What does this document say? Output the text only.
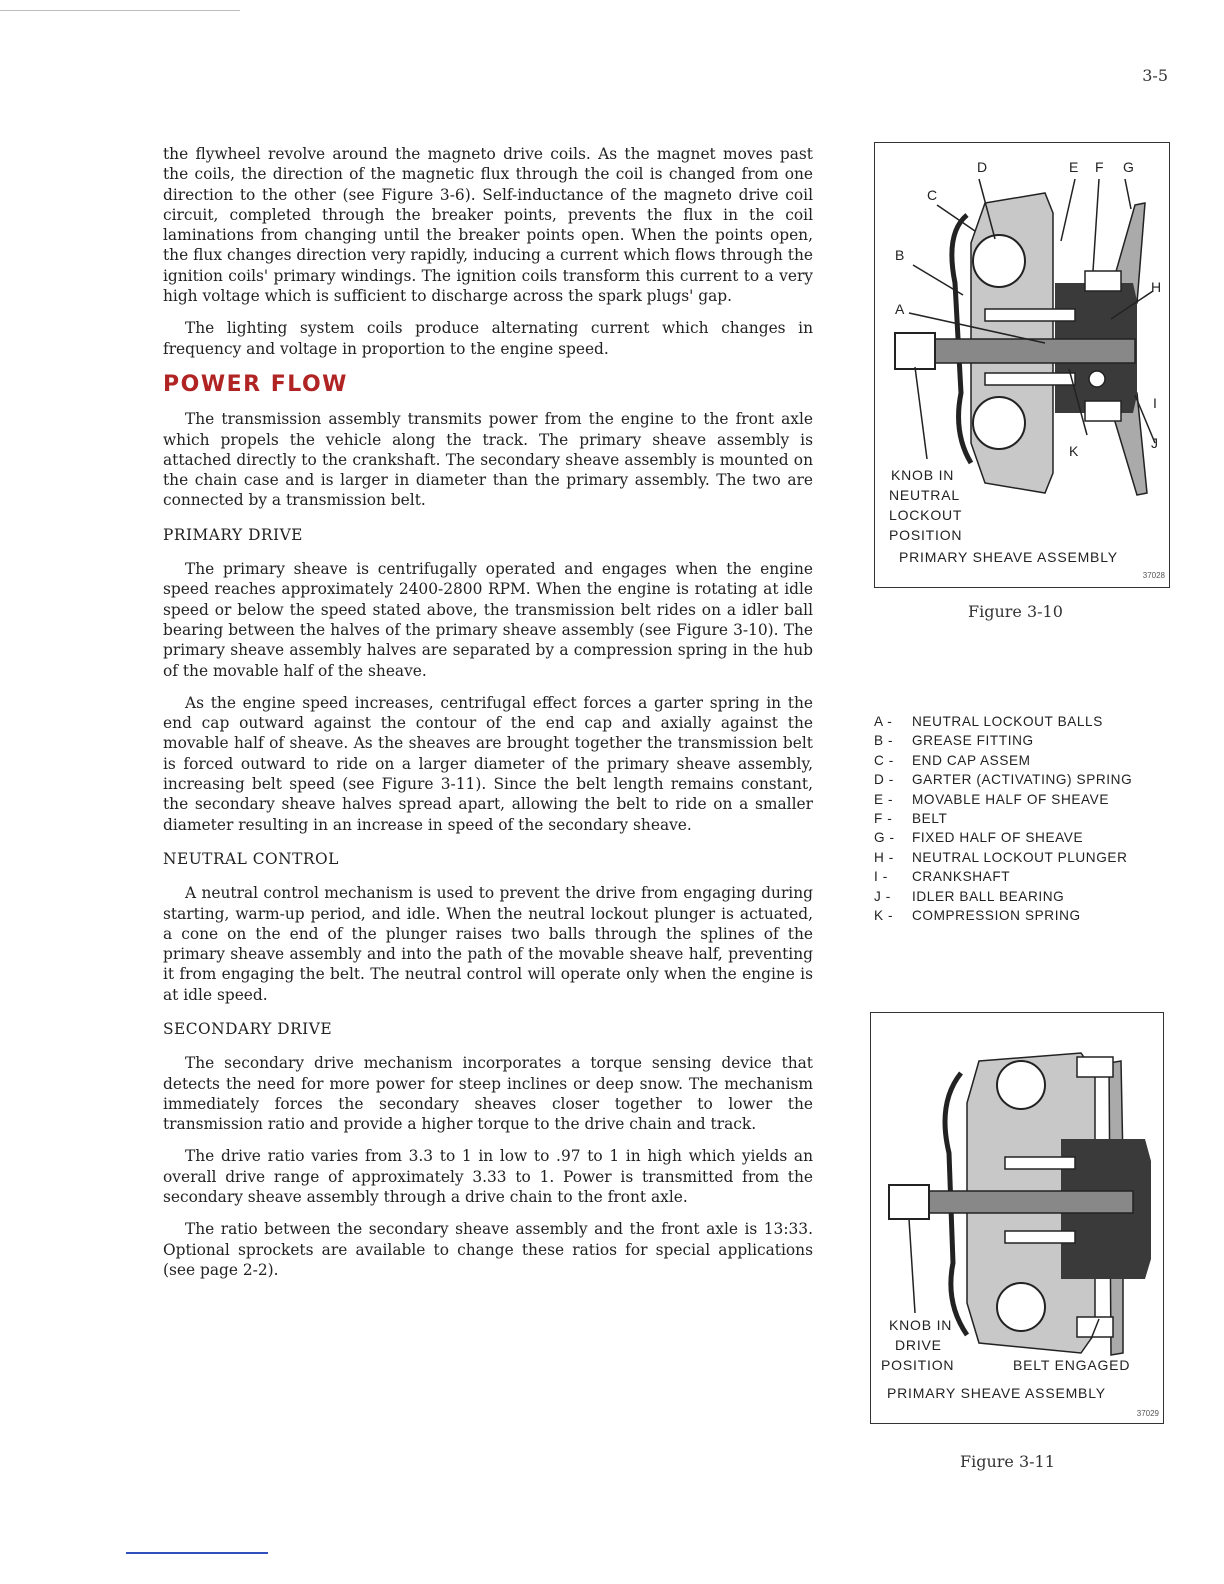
3-5

the flywheel revolve around the magneto drive coils. As the magnet moves past the coils, the direction of the magnetic flux through the coil is changed from one direction to the other (see Figure 3-6). Self-inductance of the magneto drive coil circuit, completed through the breaker points, prevents the flux in the coil laminations from changing until the breaker points open. When the points open, the flux changes direction very rapidly, inducing a current which flows through the ignition coils' primary windings. The ignition coils transform this current to a very high voltage which is sufficient to discharge across the spark plugs' gap.

The lighting system coils produce alternating current which changes in frequency and voltage in proportion to the engine speed.

POWER FLOW

The transmission assembly transmits power from the engine to the front axle which propels the vehicle along the track. The primary sheave assembly is attached directly to the crankshaft. The secondary sheave assembly is mounted on the chain case and is larger in diameter than the primary assembly. The two are connected by a transmission belt.

PRIMARY DRIVE

The primary sheave is centrifugally operated and engages when the engine speed reaches approximately 2400-2800 RPM. When the engine is rotating at idle speed or below the speed stated above, the transmission belt rides on a idler ball bearing between the halves of the primary sheave assembly (see Figure 3-10). The primary sheave assembly halves are separated by a compression spring in the hub of the movable half of the sheave.

As the engine speed increases, centrifugal effect forces a garter spring in the end cap outward against the contour of the end cap and axially against the movable half of sheave. As the sheaves are brought together the transmission belt is forced outward to ride on a larger diameter of the primary sheave assembly, increasing belt speed (see Figure 3-11). Since the belt length remains constant, the secondary sheave halves spread apart, allowing the belt to ride on a smaller diameter resulting in an increase in speed of the secondary sheave.

NEUTRAL CONTROL

A neutral control mechanism is used to prevent the drive from engaging during starting, warm-up period, and idle. When the neutral lockout plunger is actuated, a cone on the end of the plunger raises two balls through the splines of the primary sheave assembly and into the path of the movable sheave half, preventing it from engaging the belt. The neutral control will operate only when the engine is at idle speed.

SECONDARY DRIVE

The secondary drive mechanism incorporates a torque sensing device that detects the need for more power for steep inclines or deep snow. The mechanism immediately forces the secondary sheaves closer together to lower the transmission ratio and provide a higher torque to the drive chain and track.

The drive ratio varies from 3.3 to 1 in low to .97 to 1 in high which yields an overall drive range of approximately 3.33 to 1. Power is transmitted from the secondary sheave assembly through a drive chain to the front axle.

The ratio between the secondary sheave assembly and the front axle is 13:33. Optional sprockets are available to change these ratios for special applications (see page 2-2).

D	E F G
C
B
A
H
I
J
K
KNOB IN
NEUTRAL
LOCKOUT
POSITION
PRIMARY SHEAVE ASSEMBLY
37028
Figure 3-10
A -	NEUTRAL LOCKOUT BALLS
B -	GREASE FITTING
C -	END CAP ASSEM
D -	GARTER (ACTIVATING) SPRING
E -	MOVABLE HALF OF SHEAVE
F -	BELT
G -	FIXED HALF OF SHEAVE
H -	NEUTRAL LOCKOUT PLUNGER
I -	CRANKSHAFT
J -	IDLER BALL BEARING
K -	COMPRESSION SPRING
KNOB IN
DRIVE
POSITION	BELT ENGAGED
PRIMARY SHEAVE ASSEMBLY
37029
Figure 3-11
